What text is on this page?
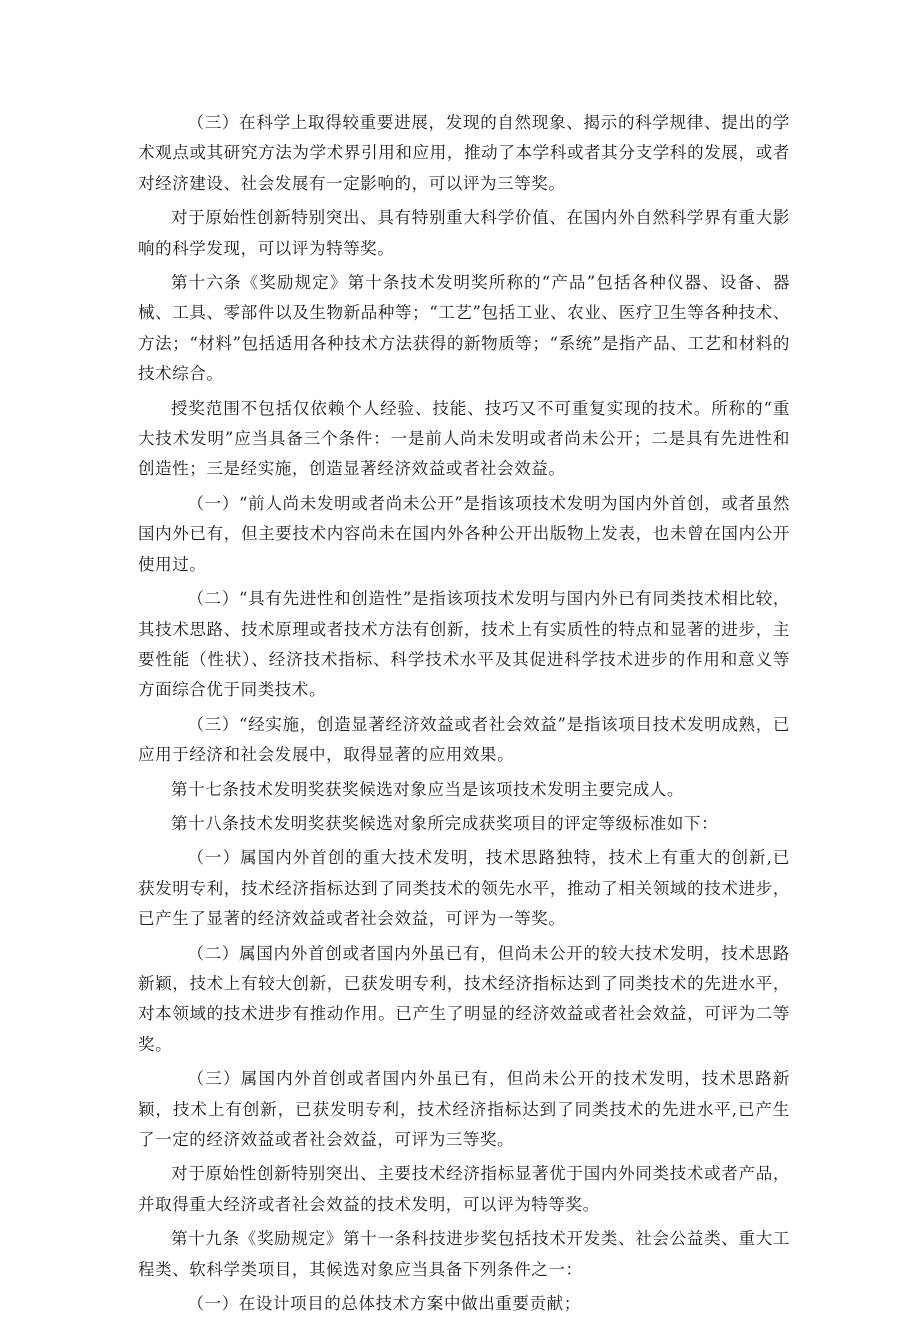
（三）在科学上取得较重要进展，发现的自然现象、揭示的科学规律、提出的学术观点或其研究方法为学术界引用和应用，推动了本学科或者其分支学科的发展，或者对经济建设、社会发展有一定影响的，可以评为三等奖。

对于原始性创新特别突出、具有特别重大科学价值、在国内外自然科学界有重大影响的科学发现，可以评为特等奖。

第十六条《奖励规定》第十条技术发明奖所称的“产品”包括各种仪器、设备、器械、工具、零部件以及生物新品种等；“工艺”包括工业、农业、医疗卫生等各种技术、方法；“材料”包括适用各种技术方法获得的新物质等；“系统”是指产品、工艺和材料的技术综合。

授奖范围不包括仅依赖个人经验、技能、技巧又不可重复实现的技术。所称的“重大技术发明”应当具备三个条件：一是前人尚未发明或者尚未公开；二是具有先进性和创造性；三是经实施，创造显著经济效益或者社会效益。

（一）“前人尚未发明或者尚未公开”是指该项技术发明为国内外首创，或者虽然国内外已有，但主要技术内容尚未在国内外各种公开出版物上发表，也未曾在国内公开使用过。

（二）“具有先进性和创造性”是指该项技术发明与国内外已有同类技术相比较，其技术思路、技术原理或者技术方法有创新，技术上有实质性的特点和显著的进步，主要性能（性状）、经济技术指标、科学技术水平及其促进科学技术进步的作用和意义等方面综合优于同类技术。

（三）“经实施，创造显著经济效益或者社会效益”是指该项目技术发明成熟，已应用于经济和社会发展中，取得显著的应用效果。

第十七条技术发明奖获奖候选对象应当是该项技术发明主要完成人。

第十八条技术发明奖获奖候选对象所完成获奖项目的评定等级标准如下：

（一）属国内外首创的重大技术发明，技术思路独特，技术上有重大的创新,已获发明专利，技术经济指标达到了同类技术的领先水平，推动了相关领域的技术进步，已产生了显著的经济效益或者社会效益，可评为一等奖。

（二）属国内外首创或者国内外虽已有，但尚未公开的较大技术发明，技术思路新颖，技术上有较大创新，已获发明专利，技术经济指标达到了同类技术的先进水平，对本领域的技术进步有推动作用。已产生了明显的经济效益或者社会效益，可评为二等奖。

（三）属国内外首创或者国内外虽已有，但尚未公开的技术发明，技术思路新颖，技术上有创新，已获发明专利，技术经济指标达到了同类技术的先进水平,已产生了一定的经济效益或者社会效益，可评为三等奖。

对于原始性创新特别突出、主要技术经济指标显著优于国内外同类技术或者产品，并取得重大经济或者社会效益的技术发明，可以评为特等奖。

第十九条《奖励规定》第十一条科技进步奖包括技术开发类、社会公益类、重大工程类、软科学类项目，其候选对象应当具备下列条件之一：

（一）在设计项目的总体技术方案中做出重要贡献；
